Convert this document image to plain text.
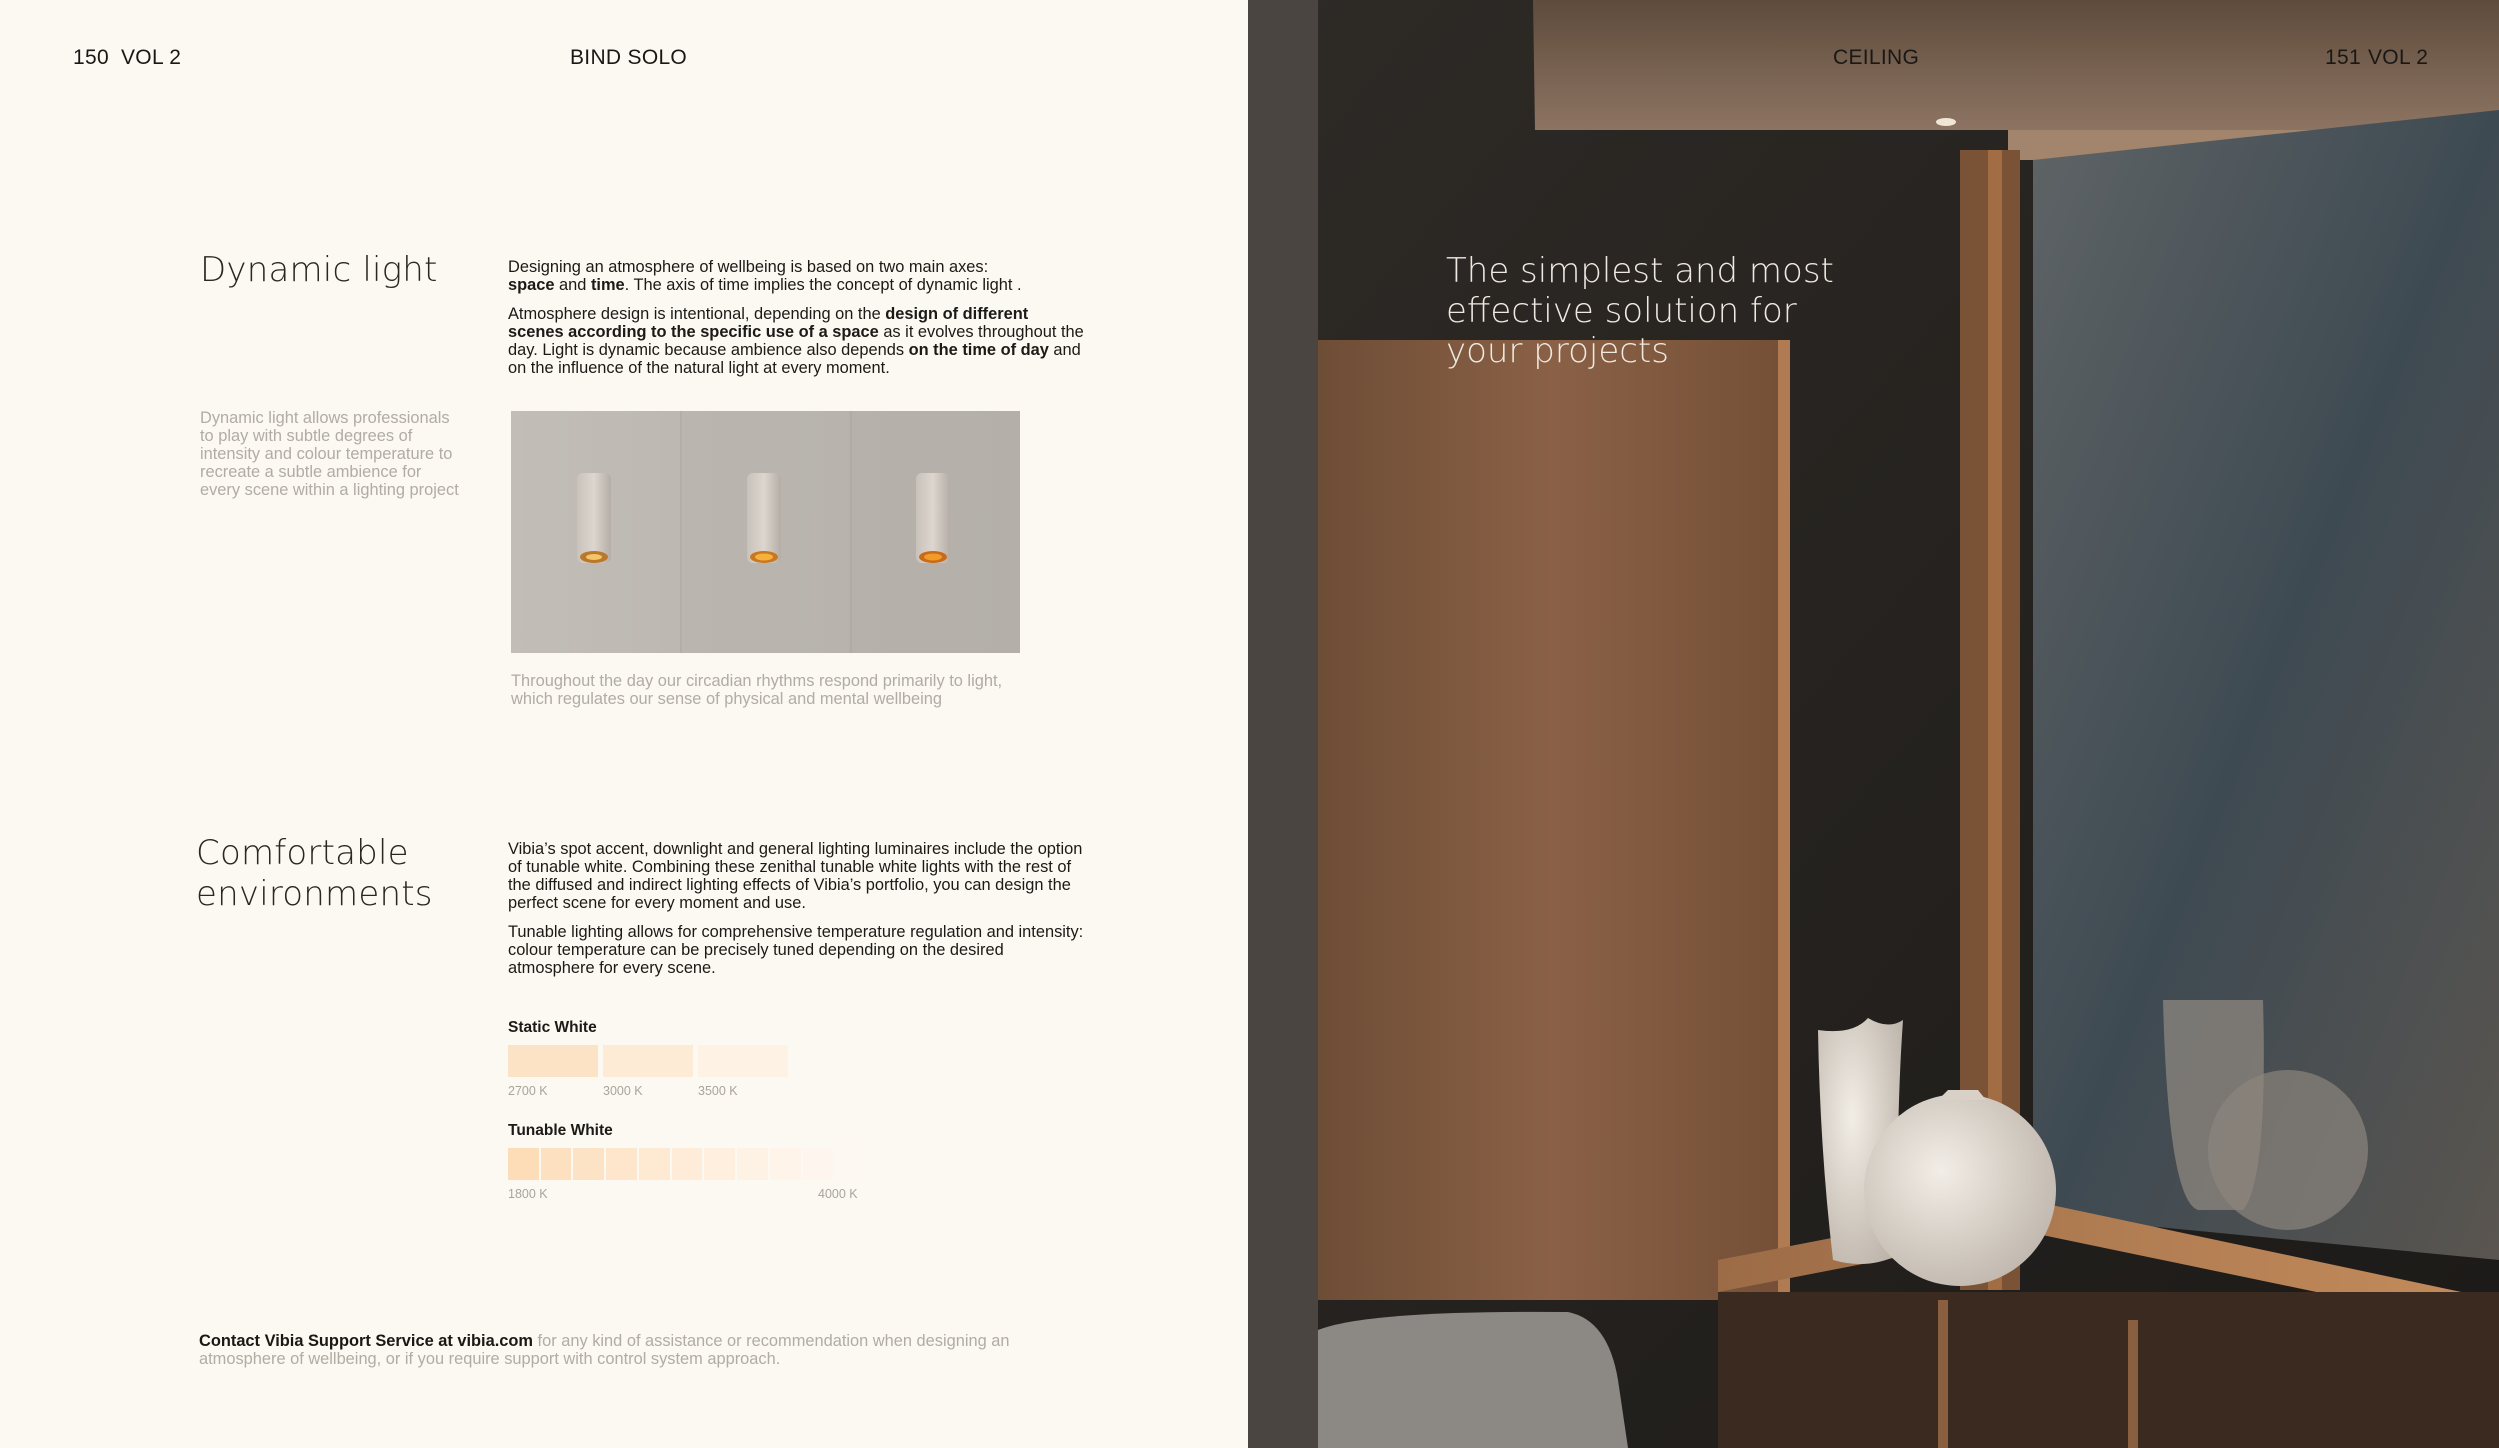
150 VOL 2	BIND SOLO
Dynamic light
Dynamic light allows professionals to play with subtle degrees of intensity and colour temperature to recreate a subtle ambience for every scene within a lighting project

Designing an atmosphere of wellbeing is based on two main axes:
space and time. The axis of time implies the concept of dynamic light .

Atmosphere design is intentional, depending on the design of different scenes according to the specific use of a space as it evolves throughout the day. Light is dynamic because ambience also depends on the time of day and on the influence of the natural light at every moment.

Throughout the day our circadian rhythms respond primarily to light, which regulates our sense of physical and mental wellbeing
Comfortable
environments

Vibia’s spot accent, downlight and general lighting luminaires include the option of tunable white. Combining these zenithal tunable white lights with the rest of the diffused and indirect lighting effects of Vibia’s portfolio, you can design the perfect scene for every moment and use.

Tunable lighting allows for comprehensive temperature regulation and intensity: colour temperature can be precisely tuned depending on the desired atmosphere for every scene.

Static White
2700 K	3000 K	3500 K
Tunable White
1800 K	4000 K
Contact Vibia Support Service at vibia.com for any kind of assistance or recommendation when designing an atmosphere of wellbeing, or if you require support with control system approach.
CEILING	151 VOL 2
The simplest and most
effective solution for
your projects
